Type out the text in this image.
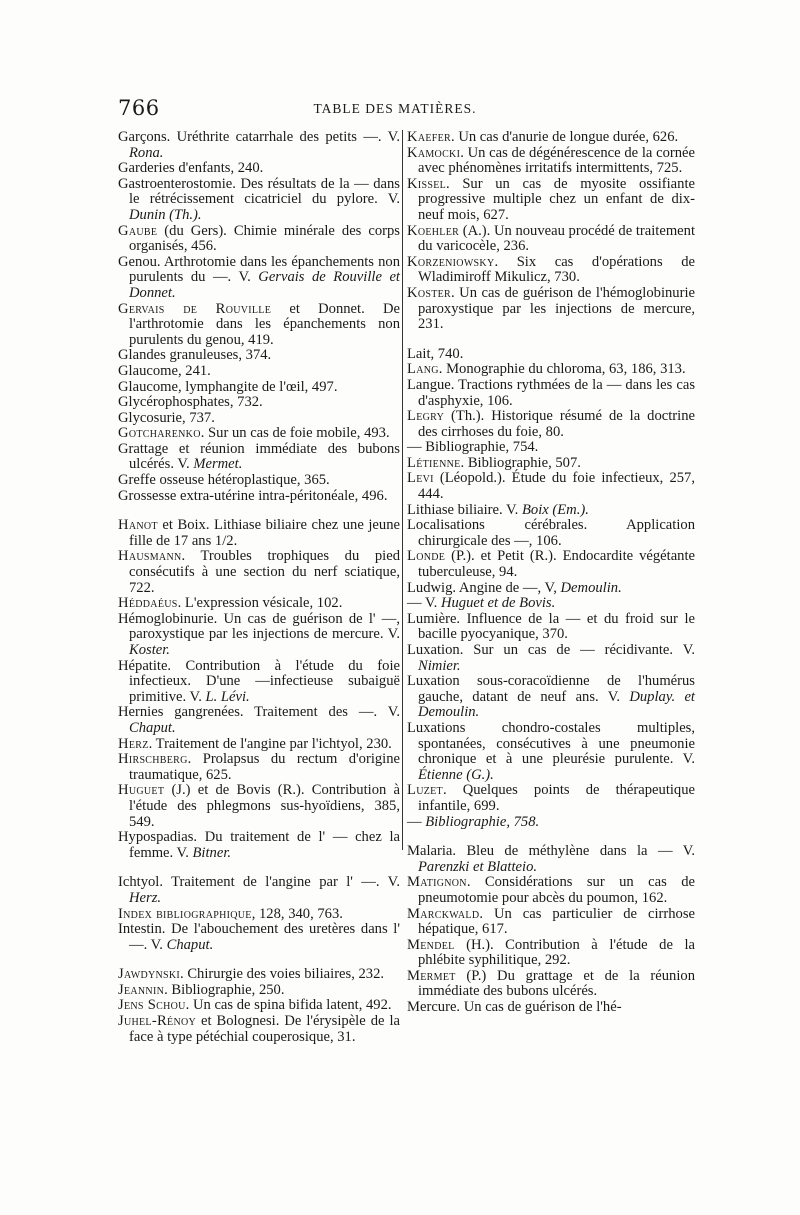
766	TABLE DES MATIÈRES.
Garçons. Uréthrite catarrhale des petits —. V. Rona.
Garderies d'enfants, 240.
Gastroenterostomie. Des résultats de la — dans le rétrécissement cicatriciel du pylore. V. Dunin (Th.).
Gaube (du Gers). Chimie minérale des corps organisés, 456.
Genou. Arthrotomie dans les épanchements non purulents du —. V. Gervais de Rouville et Donnet.
Gervais de Rouville et Donnet. De l'arthrotomie dans les épanchements non purulents du genou, 419.
Glandes granuleuses, 374.
Glaucome, 241.
Glaucome, lymphangite de l'œil, 497.
Glycérophosphates, 732.
Glycosurie, 737.
Gotcharenko. Sur un cas de foie mobile, 493.
Grattage et réunion immédiate des bubons ulcérés. V. Mermet.
Greffe osseuse hétéroplastique, 365.
Grossesse extra-utérine intra-péritonéale, 496.
Hanot et Boix. Lithiase biliaire chez une jeune fille de 17 ans 1/2.
Hausmann. Troubles trophiques du pied consécutifs à une section du nerf sciatique, 722.
Héddaéus. L'expression vésicale, 102.
Hémoglobinurie. Un cas de guérison de l' —, paroxystique par les injections de mercure. V. Koster.
Hépatite. Contribution à l'étude du foie infectieux. D'une —infectieuse subaiguë primitive. V. L. Lévi.
Hernies gangrenées. Traitement des —. V. Chaput.
Herz. Traitement de l'angine par l'ichtyol, 230.
Hirschberg. Prolapsus du rectum d'origine traumatique, 625.
Huguet (J.) et de Bovis (R.). Contribution à l'étude des phlegmons sus-hyoïdiens, 385, 549.
Hypospadias. Du traitement de l' — chez la femme. V. Bitner.
Ichtyol. Traitement de l'angine par l' —. V. Herz.
Index bibliographique, 128, 340, 763.
Intestin. De l'abouchement des uretères dans l' —. V. Chaput.
Jawdynski. Chirurgie des voies biliaires, 232.
Jeannin. Bibliographie, 250.
Jens Schou. Un cas de spina bifida latent, 492.
Juhel-Rénoy et Bolognesi. De l'érysipèle de la face à type pétéchial couperosique, 31.
Kaefer. Un cas d'anurie de longue durée, 626.
Kamocki. Un cas de dégénérescence de la cornée avec phénomènes irritatifs intermittents, 725.
Kissel. Sur un cas de myosite ossifiante progressive multiple chez un enfant de dix-neuf mois, 627.
Koehler (A.). Un nouveau procédé de traitement du varicocèle, 236.
Korzeniowsky. Six cas d'opérations de Wladimiroff Mikulicz, 730.
Koster. Un cas de guérison de l'hémoglobinurie paroxystique par les injections de mercure, 231.
Lait, 740.
Lang. Monographie du chloroma, 63, 186, 313.
Langue. Tractions rythmées de la — dans les cas d'asphyxie, 106.
Legry (Th.). Historique résumé de la doctrine des cirrhoses du foie, 80.
— Bibliographie, 754.
Létienne. Bibliographie, 507.
Levi (Léopold.). Étude du foie infectieux, 257, 444.
Lithiase biliaire. V. Boix (Em.).
Localisations cérébrales. Application chirurgicale des —, 106.
Londe (P.). et Petit (R.). Endocardite végétante tuberculeuse, 94.
Ludwig. Angine de —, V, Demoulin.
— V. Huguet et de Bovis.
Lumière. Influence de la — et du froid sur le bacille pyocyanique, 370.
Luxation. Sur un cas de — récidivante. V. Nimier.
Luxation sous-coracoïdienne de l'humérus gauche, datant de neuf ans. V. Duplay. et Demoulin.
Luxations chondro-costales multiples, spontanées, consécutives à une pneumonie chronique et à une pleurésie purulente. V. Étienne (G.).
Luzet. Quelques points de thérapeutique infantile, 699.
— Bibliographie, 758.
Malaria. Bleu de méthylène dans la — V. Parenzki et Blatteio.
Matignon. Considérations sur un cas de pneumotomie pour abcès du poumon, 162.
Marckwald. Un cas particulier de cirrhose hépatique, 617.
Mendel (H.). Contribution à l'étude de la phlébite syphilitique, 292.
Mermet (P.) Du grattage et de la réunion immédiate des bubons ulcérés.
Mercure. Un cas de guérison de l'hé-
